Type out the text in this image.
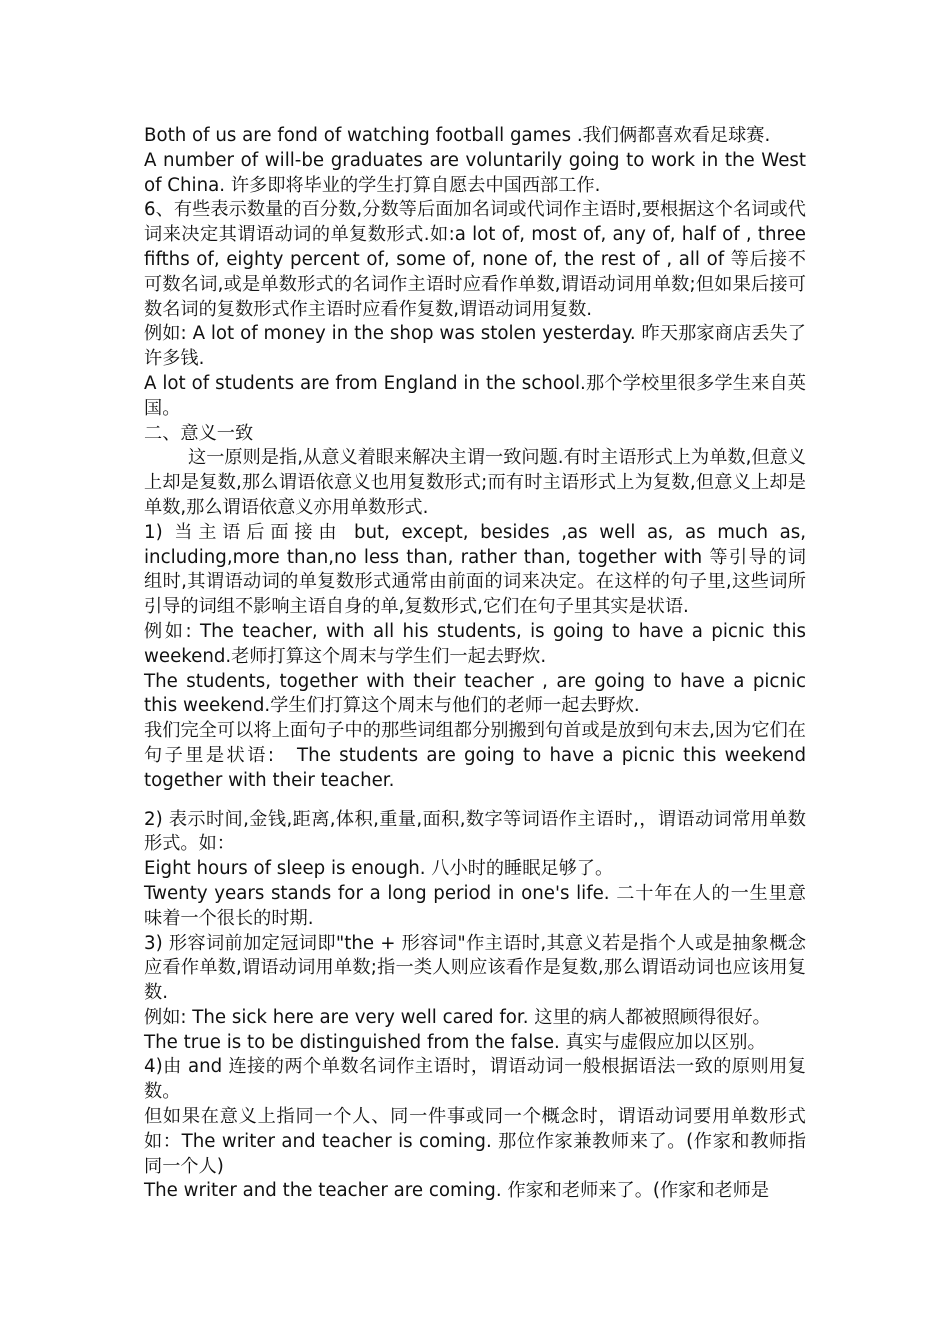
Both of us are fond of watching football games .我们俩都喜欢看足球赛.

A number of will-be graduates are voluntarily going to work in the West of China. 许多即将毕业的学生打算自愿去中国西部工作.

6、有些表示数量的百分数,分数等后面加名词或代词作主语时,要根据这个名词或代词来决定其谓语动词的单复数形式.如:a lot of, most of, any of, half of , three fifths of, eighty percent of, some of, none of, the rest of , all of 等后接不可数名词,或是单数形式的名词作主语时应看作单数,谓语动词用单数;但如果后接可数名词的复数形式作主语时应看作复数,谓语动词用复数.

例如: A lot of money in the shop was stolen yesterday. 昨天那家商店丢失了许多钱.

A lot of students are from England in the school.那个学校里很多学生来自英国。

二、意义一致

这一原则是指,从意义着眼来解决主谓一致问题.有时主语形式上为单数,但意义上却是复数,那么谓语依意义也用复数形式;而有时主语形式上为复数,但意义上却是单数,那么谓语依意义亦用单数形式.

1) 当主语后面接由 but, except, besides ,as well as, as much as, including,more than,no less than, rather than, together with 等引导的词组时,其谓语动词的单复数形式通常由前面的词来决定。在这样的句子里,这些词所引导的词组不影响主语自身的单,复数形式,它们在句子里其实是状语.

例如: The teacher, with all his students, is going to have a picnic this weekend.老师打算这个周末与学生们一起去野炊.

The students, together with their teacher , are going to have a picnic this weekend.学生们打算这个周末与他们的老师一起去野炊.

我们完全可以将上面句子中的那些词组都分别搬到句首或是放到句末去,因为它们在句子里是状语:　The students are going to have a picnic this weekend together with their teacher.

2) 表示时间,金钱,距离,体积,重量,面积,数字等词语作主语时,，谓语动词常用单数形式。如：

Eight hours of sleep is enough. 八小时的睡眠足够了。

Twenty years stands for a long period in one's life. 二十年在人的一生里意味着一个很长的时期.

3) 形容词前加定冠词即"the + 形容词"作主语时,其意义若是指个人或是抽象概念应看作单数,谓语动词用单数;指一类人则应该看作是复数,那么谓语动词也应该用复数.

例如: The sick here are very well cared for. 这里的病人都被照顾得很好。

The true is to be distinguished from the false. 真实与虚假应加以区别。

4)由 and 连接的两个单数名词作主语时，谓语动词一般根据语法一致的原则用复数。

但如果在意义上指同一个人、同一件事或同一个概念时，谓语动词要用单数形式 如：The writer and teacher is coming. 那位作家兼教师来了。(作家和教师指同一个人)

The writer and the teacher are coming. 作家和老师来了。(作家和老师是
